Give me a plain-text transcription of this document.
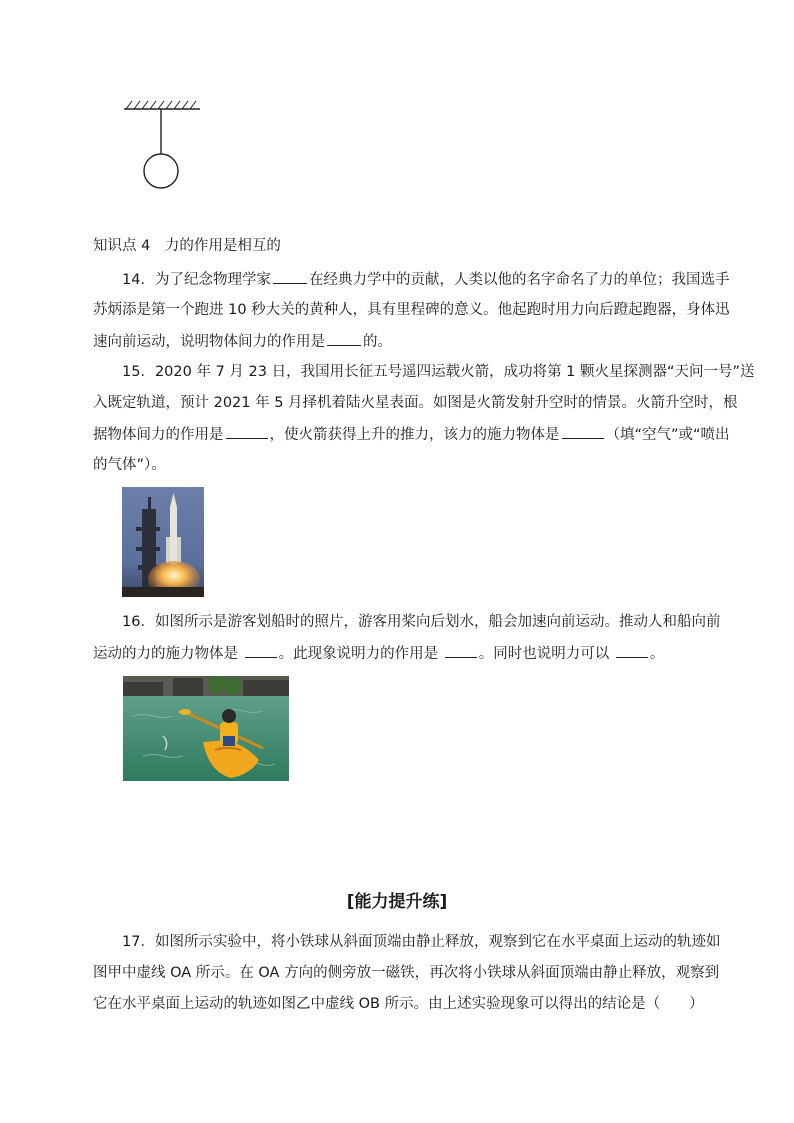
知识点 4　力的作用是相互的
14．为了纪念物理学家	在经典力学中的贡献，人类以他的名字命名了力的单位；我国选手
苏炳添是第一个跑进 10 秒大关的黄种人，具有里程碑的意义。他起跑时用力向后蹬起跑器，身体迅
速向前运动，说明物体间力的作用是	的。
15．2020 年 7 月 23 日，我国用长征五号遥四运载火箭，成功将第 1 颗火星探测器“天问一号”送
入既定轨道，预计 2021 年 5 月择机着陆火星表面。如图是火箭发射升空时的情景。火箭升空时，根
据物体间力的作用是	，使火箭获得上升的推力，该力的施力物体是	（填“空气”或“喷出
的气体”）。
16．如图所示是游客划船时的照片，游客用桨向后划水，船会加速向前运动。推动人和船向前
运动的力的施力物体是	。此现象说明力的作用是	。同时也说明力可以	。
[能力提升练]
17．如图所示实验中，将小铁球从斜面顶端由静止释放，观察到它在水平桌面上运动的轨迹如
图甲中虚线 OA 所示。在 OA 方向的侧旁放一磁铁，再次将小铁球从斜面顶端由静止释放，观察到
它在水平桌面上运动的轨迹如图乙中虚线 OB 所示。由上述实验现象可以得出的结论是（　　）
